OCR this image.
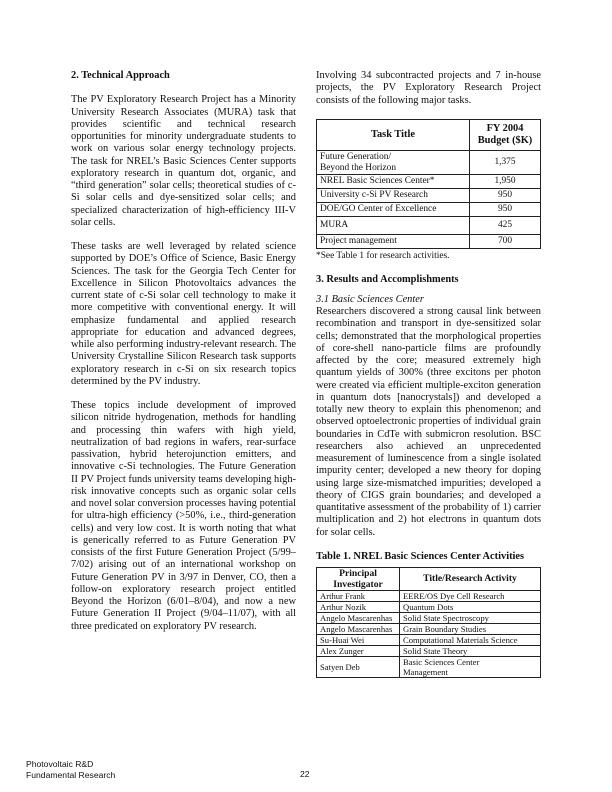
2. Technical Approach

The PV Exploratory Research Project has a Minority University Research Associates (MURA) task that provides scientific and technical research opportunities for minority undergraduate students to work on various solar energy technology projects. The task for NREL’s Basic Sciences Center supports exploratory research in quantum dot, organic, and “third generation” solar cells; theoretical studies of c-Si solar cells and dye-sensitized solar cells; and specialized characterization of high-efficiency III-V solar cells.

These tasks are well leveraged by related science supported by DOE’s Office of Science, Basic Energy Sciences. The task for the Georgia Tech Center for Excellence in Silicon Photovoltaics advances the current state of c-Si solar cell technology to make it more competitive with conventional energy. It will emphasize fundamental and applied research appropriate for education and advanced degrees, while also performing industry-relevant research. The University Crystalline Silicon Research task supports exploratory research in c-Si on six research topics determined by the PV industry.

These topics include development of improved silicon nitride hydrogenation, methods for handling and processing thin wafers with high yield, neutralization of bad regions in wafers, rear-surface passivation, hybrid heterojunction emitters, and innovative c-Si technologies. The Future Generation II PV Project funds university teams developing high-risk innovative concepts such as organic solar cells and novel solar conversion processes having potential for ultra-high efficiency (>50%, i.e., third-generation cells) and very low cost. It is worth noting that what is generically referred to as Future Generation PV consists of the first Future Generation Project (5/99–7/02) arising out of an international workshop on Future Generation PV in 3/97 in Denver, CO, then a follow-on exploratory research project entitled Beyond the Horizon (6/01–8/04), and now a new Future Generation II Project (9/04–11/07), with all three predicated on exploratory PV research.

Involving 34 subcontracted projects and 7 in-house projects, the PV Exploratory Research Project consists of the following major tasks.

Task Title	FY 2004
Budget ($K)
Future Generation/
Beyond the Horizon	1,375
NREL Basic Sciences Center*	1,950
University c-Si PV Research	950
DOE/GO Center of Excellence	950
MURA	425
Project management	700
*See Table 1 for research activities.

3. Results and Accomplishments

3.1 Basic Sciences Center

Researchers discovered a strong causal link between recombination and transport in dye-sensitized solar cells; demonstrated that the morphological properties of core-shell nano-particle films are profoundly affected by the core; measured extremely high quantum yields of 300% (three excitons per photon were created via efficient multiple-exciton generation in quantum dots [nanocrystals]) and developed a totally new theory to explain this phenomenon; and observed optoelectronic properties of individual grain boundaries in CdTe with submicron resolution. BSC researchers also achieved an unprecedented measurement of luminescence from a single isolated impurity center; developed a new theory for doping using large size-mismatched impurities; developed a theory of CIGS grain boundaries; and developed a quantitative assessment of the probability of 1) carrier multiplication and 2) hot electrons in quantum dots for solar cells.

Table 1. NREL Basic Sciences Center Activities

Principal
Investigator	Title/Research Activity
Arthur Frank	EERE/OS Dye Cell Research
Arthur Nozik	Quantum Dots
Angelo Mascarenhas	Solid State Spectroscopy
Angelo Mascarenhas	Grain Boundary Studies
Su-Huai Wei	Computational Materials Science
Alex Zunger	Solid State Theory
Satyen Deb	Basic Sciences Center
Management
Photovoltaic R&D
Fundamental Research	22
